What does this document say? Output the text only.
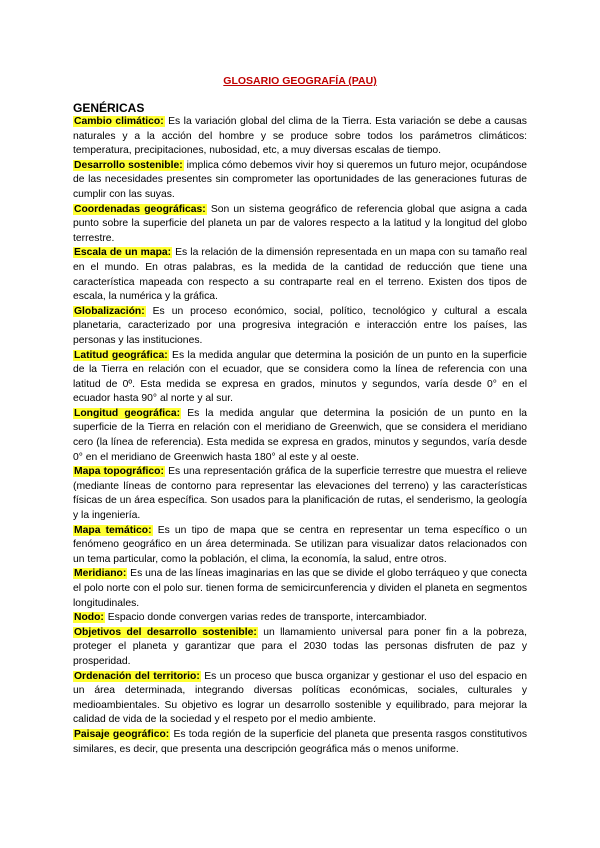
GLOSARIO GEOGRAFÍA (PAU)
GENÉRICAS

Cambio climático: Es la variación global del clima de la Tierra. Esta variación se debe a causas naturales y a la acción del hombre y se produce sobre todos los parámetros climáticos: temperatura, precipitaciones, nubosidad, etc, a muy diversas escalas de tiempo.

Desarrollo sostenible: implica cómo debemos vivir hoy si queremos un futuro mejor, ocupándose de las necesidades presentes sin comprometer las oportunidades de las generaciones futuras de cumplir con las suyas.

Coordenadas geográficas: Son un sistema geográfico de referencia global que asigna a cada punto sobre la superficie del planeta un par de valores respecto a la latitud y la longitud del globo terrestre.

Escala de un mapa: Es la relación de la dimensión representada en un mapa con su tamaño real en el mundo. En otras palabras, es la medida de la cantidad de reducción que tiene una característica mapeada con respecto a su contraparte real en el terreno. Existen dos tipos de escala, la numérica y la gráfica.

Globalización: Es un proceso económico, social, político, tecnológico y cultural a escala planetaria, caracterizado por una progresiva integración e interacción entre los países, las personas y las instituciones.

Latitud geográfica: Es la medida angular que determina la posición de un punto en la superficie de la Tierra en relación con el ecuador, que se considera como la línea de referencia con una latitud de 0º. Esta medida se expresa en grados, minutos y segundos, varía desde 0° en el ecuador hasta 90° al norte y al sur.

Longitud geográfica: Es la medida angular que determina la posición de un punto en la superficie de la Tierra en relación con el meridiano de Greenwich, que se considera el meridiano cero (la línea de referencia). Esta medida se expresa en grados, minutos y segundos, varía desde 0° en el meridiano de Greenwich hasta 180° al este y al oeste.

Mapa topográfico: Es una representación gráfica de la superficie terrestre que muestra el relieve (mediante líneas de contorno para representar las elevaciones del terreno) y las características físicas de un área específica. Son usados para la planificación de rutas, el senderismo, la geología y la ingeniería.

Mapa temático: Es un tipo de mapa que se centra en representar un tema específico o un fenómeno geográfico en un área determinada. Se utilizan para visualizar datos relacionados con un tema particular, como la población, el clima, la economía, la salud, entre otros.

Meridiano: Es una de las líneas imaginarias en las que se divide el globo terráqueo y que conecta el polo norte con el polo sur. tienen forma de semicircunferencia y dividen el planeta en segmentos longitudinales.

Nodo: Espacio donde convergen varias redes de transporte, intercambiador.

Objetivos del desarrollo sostenible: un llamamiento universal para poner fin a la pobreza, proteger el planeta y garantizar que para el 2030 todas las personas disfruten de paz y prosperidad.

Ordenación del territorio: Es un proceso que busca organizar y gestionar el uso del espacio en un área determinada, integrando diversas políticas económicas, sociales, culturales y medioambientales. Su objetivo es lograr un desarrollo sostenible y equilibrado, para mejorar la calidad de vida de la sociedad y el respeto por el medio ambiente.

Paisaje geográfico: Es toda región de la superficie del planeta que presenta rasgos constitutivos similares, es decir, que presenta una descripción geográfica más o menos uniforme.
